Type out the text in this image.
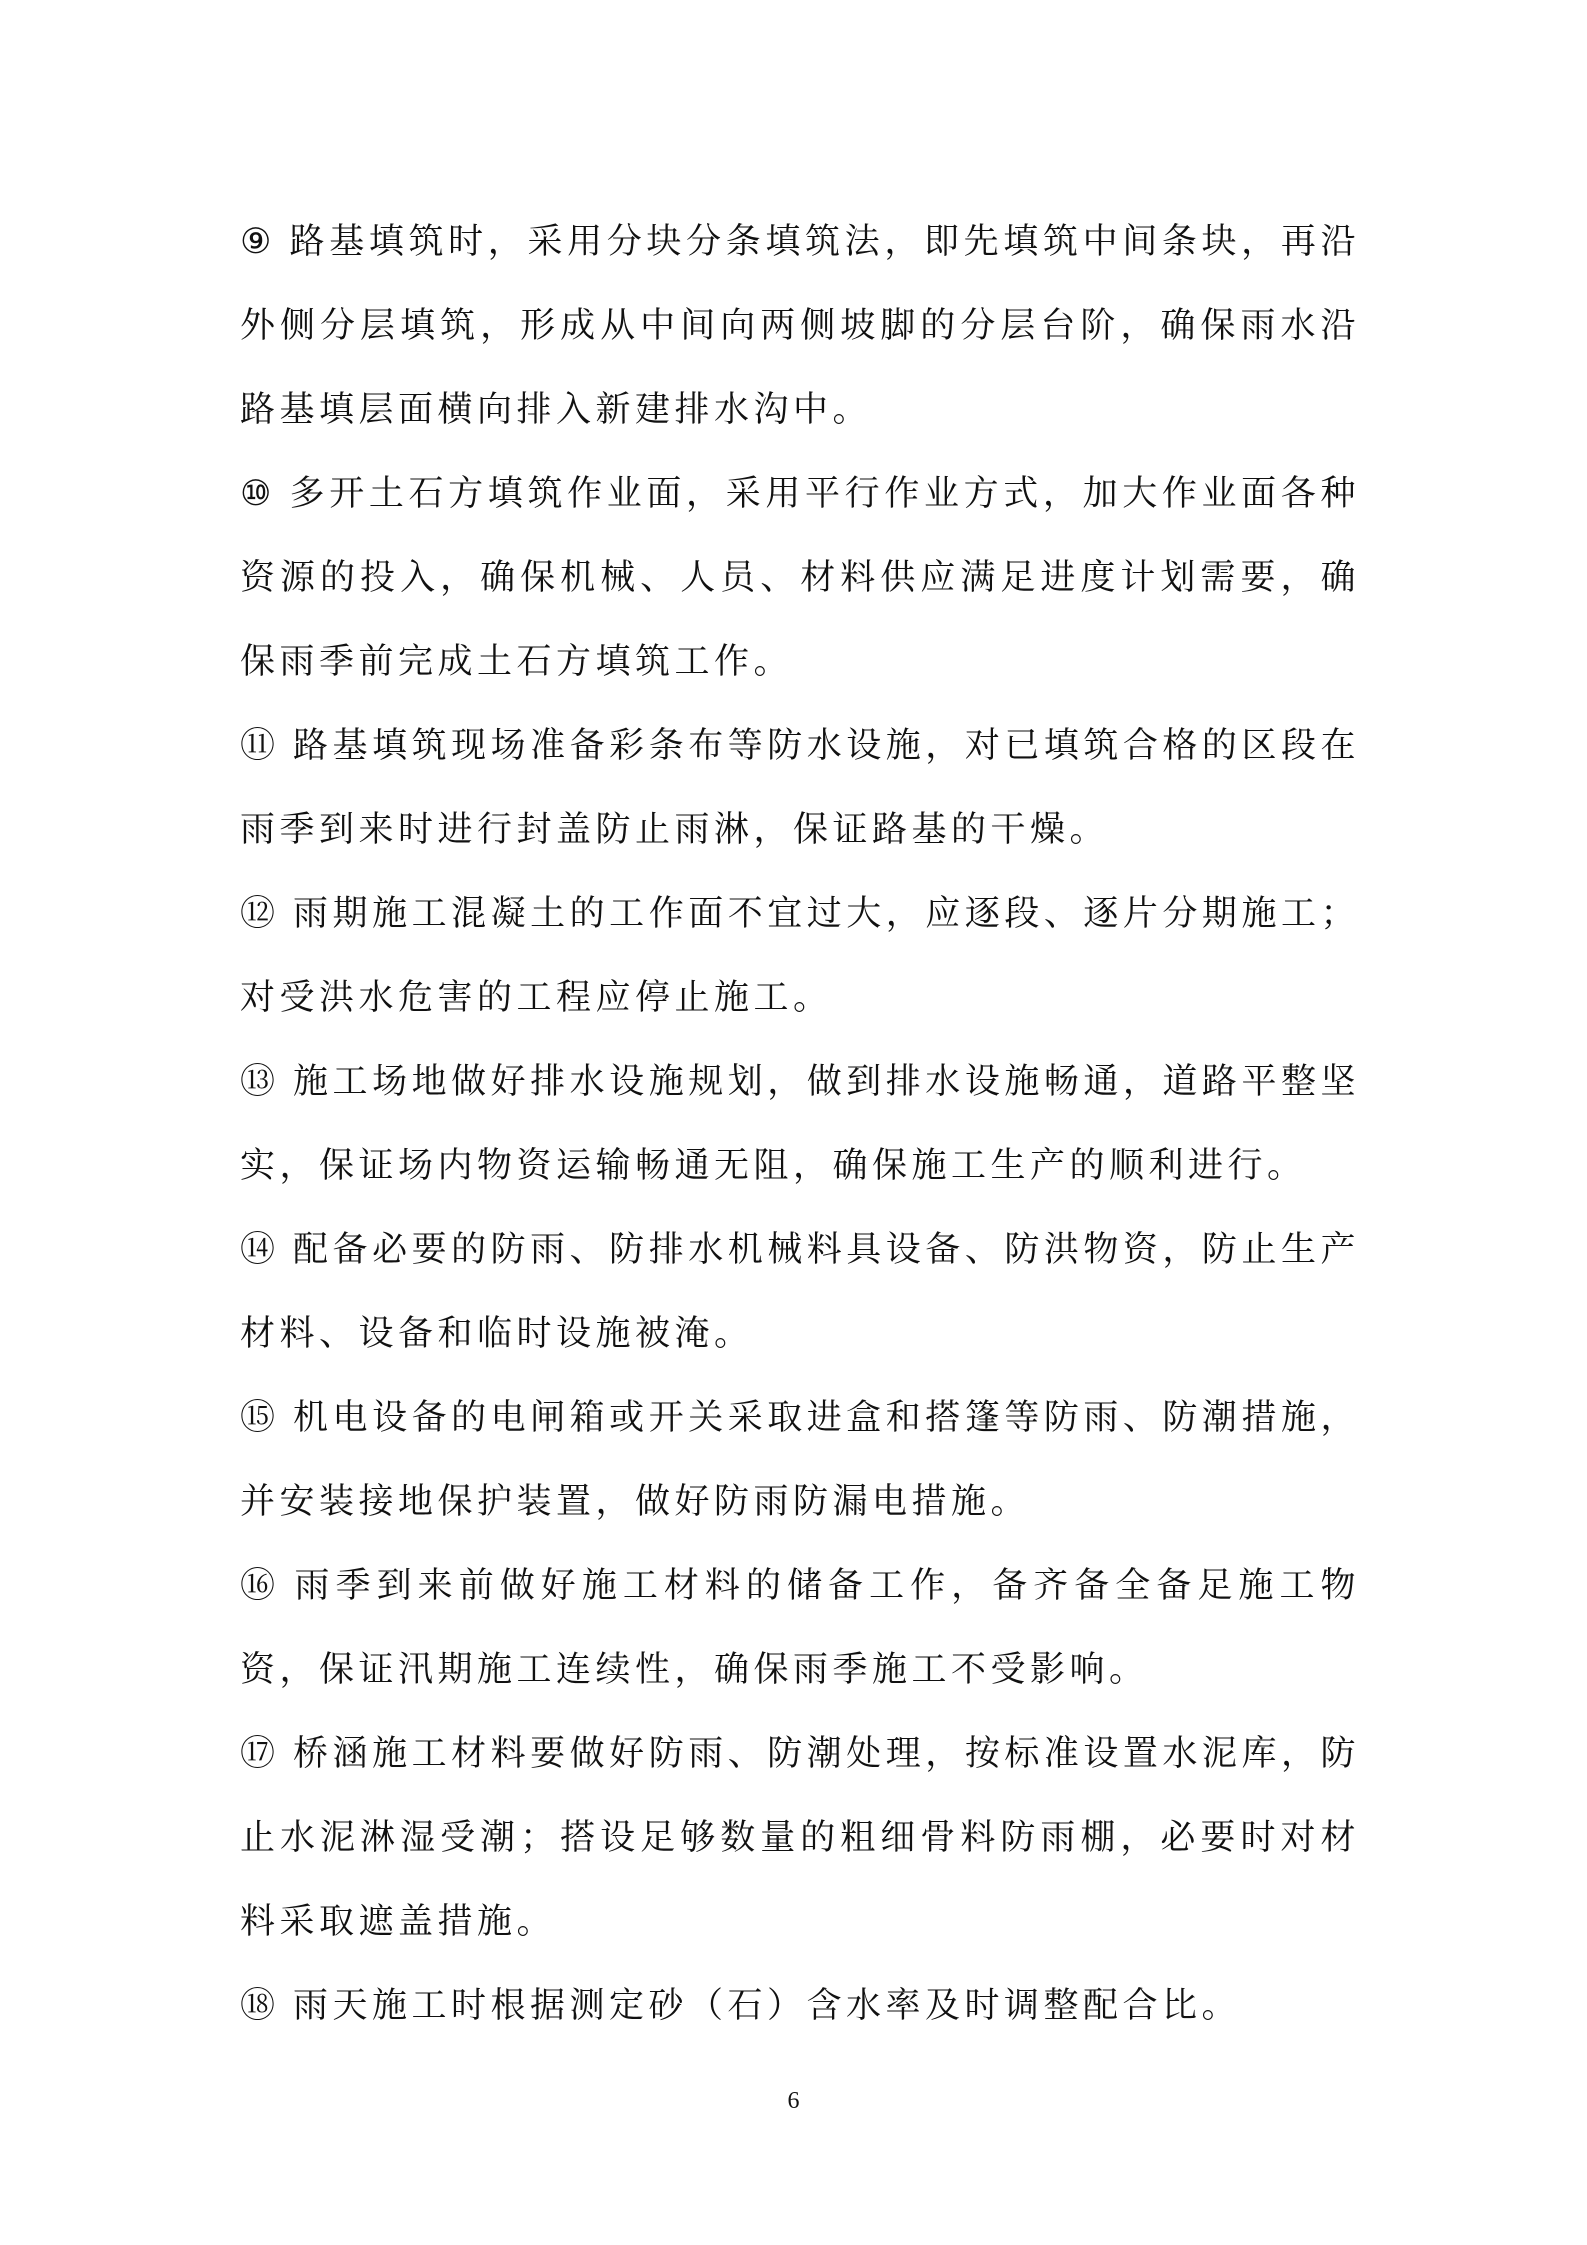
⑨ 路基填筑时，采用分块分条填筑法，即先填筑中间条块，再沿外侧分层填筑，形成从中间向两侧坡脚的分层台阶，确保雨水沿路基填层面横向排入新建排水沟中。

⑩ 多开土石方填筑作业面，采用平行作业方式，加大作业面各种资源的投入，确保机械、人员、材料供应满足进度计划需要，确保雨季前完成土石方填筑工作。

⑪ 路基填筑现场准备彩条布等防水设施，对已填筑合格的区段在雨季到来时进行封盖防止雨淋，保证路基的干燥。

⑫ 雨期施工混凝土的工作面不宜过大，应逐段、逐片分期施工；对受洪水危害的工程应停止施工。

⑬ 施工场地做好排水设施规划，做到排水设施畅通，道路平整坚实，保证场内物资运输畅通无阻，确保施工生产的顺利进行。

⑭ 配备必要的防雨、防排水机械料具设备、防洪物资，防止生产材料、设备和临时设施被淹。

⑮ 机电设备的电闸箱或开关采取进盒和搭篷等防雨、防潮措施，并安装接地保护装置，做好防雨防漏电措施。

⑯ 雨季到来前做好施工材料的储备工作，备齐备全备足施工物资，保证汛期施工连续性，确保雨季施工不受影响。

⑰ 桥涵施工材料要做好防雨、防潮处理，按标准设置水泥库，防止水泥淋湿受潮；搭设足够数量的粗细骨料防雨棚，必要时对材料采取遮盖措施。

⑱ 雨天施工时根据测定砂（石）含水率及时调整配合比。

6
